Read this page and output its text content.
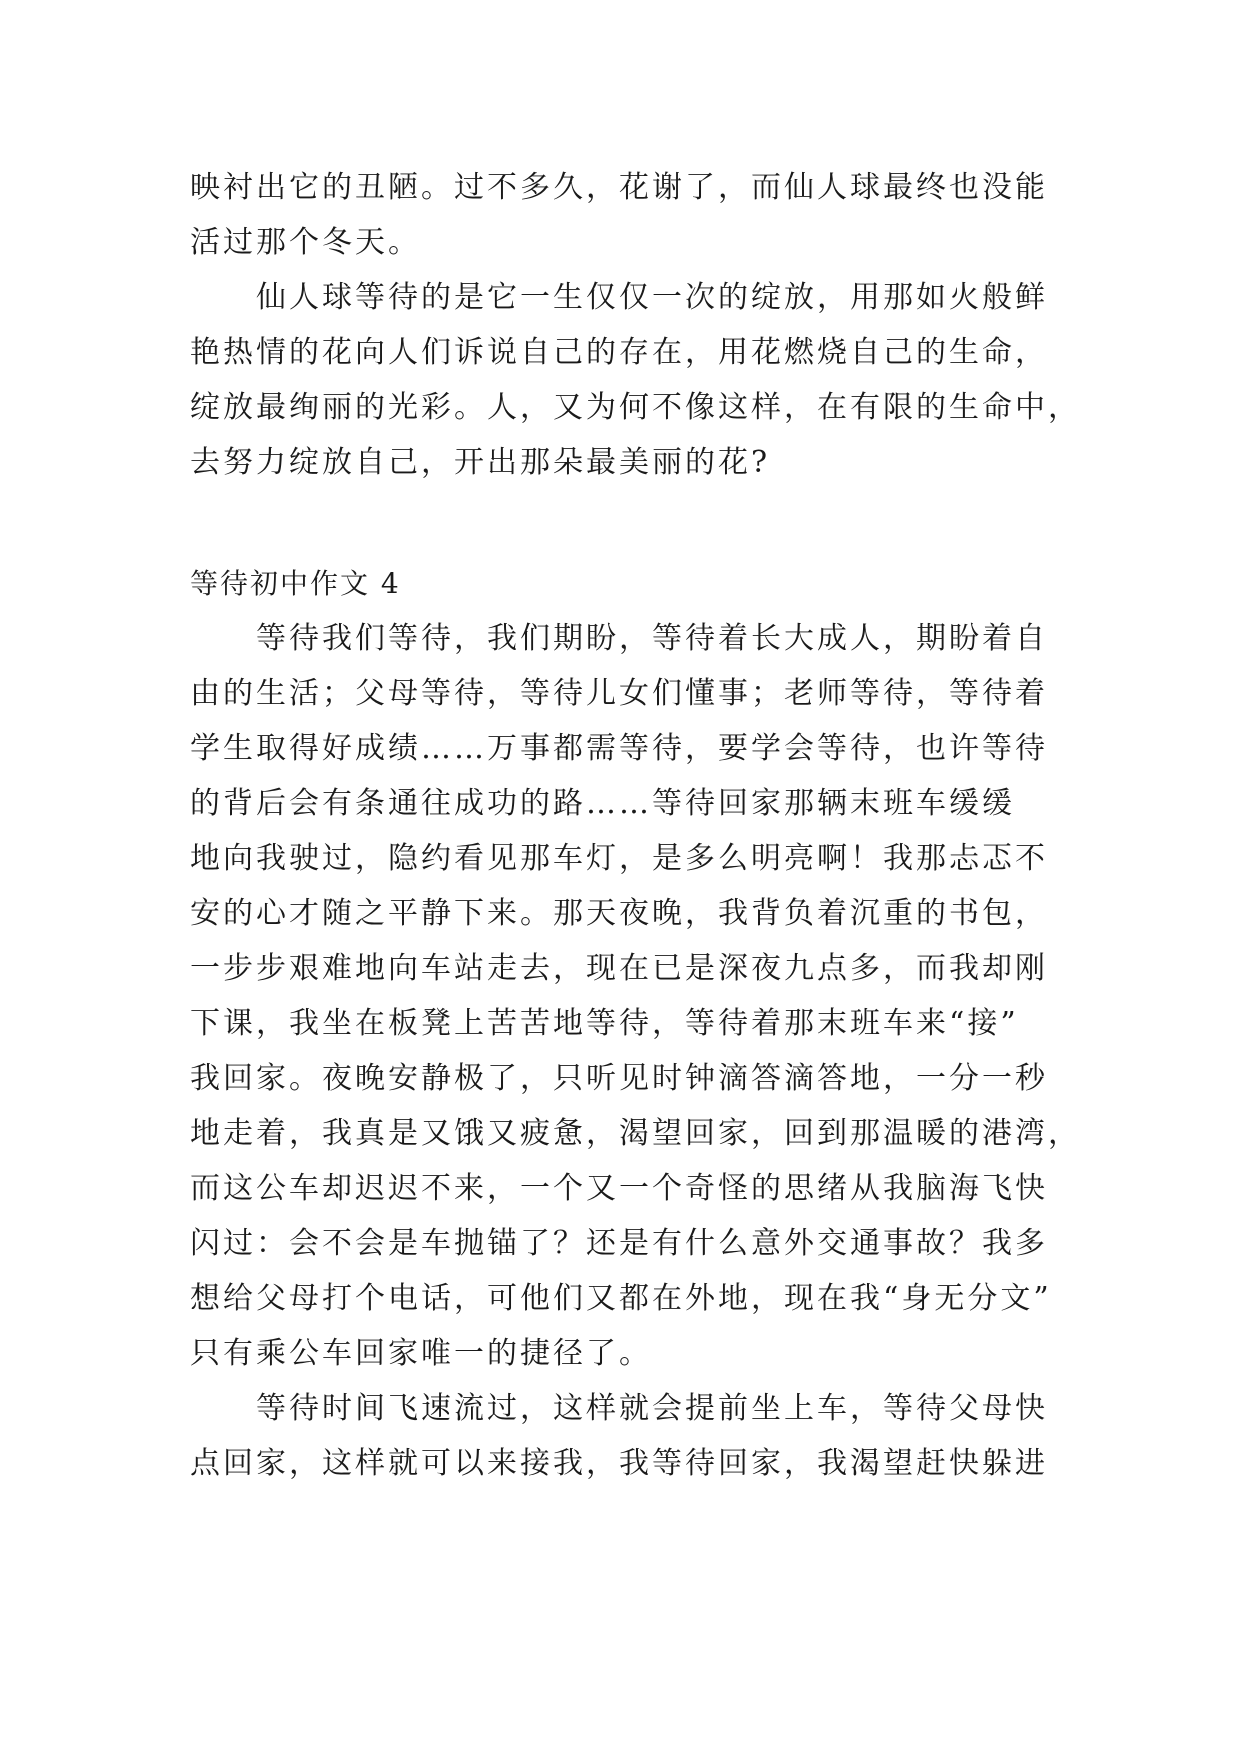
映衬出它的丑陋。过不多久，花谢了，而仙人球最终也没能
活过那个冬天。
仙人球等待的是它一生仅仅一次的绽放，用那如火般鲜
艳热情的花向人们诉说自己的存在，用花燃烧自己的生命，
绽放最绚丽的光彩。人，又为何不像这样，在有限的生命中，
去努力绽放自己，开出那朵最美丽的花?
等待初中作文 4
等待我们等待，我们期盼，等待着长大成人，期盼着自
由的生活；父母等待，等待儿女们懂事；老师等待，等待着
学生取得好成绩……万事都需等待，要学会等待，也许等待
的背后会有条通往成功的路……等待回家那辆末班车缓缓
地向我驶过，隐约看见那车灯，是多么明亮啊！我那忐忑不
安的心才随之平静下来。那天夜晚，我背负着沉重的书包，
一步步艰难地向车站走去，现在已是深夜九点多，而我却刚
下课，我坐在板凳上苦苦地等待，等待着那末班车来“接”
我回家。夜晚安静极了，只听见时钟滴答滴答地，一分一秒
地走着，我真是又饿又疲惫，渴望回家，回到那温暖的港湾，
而这公车却迟迟不来，一个又一个奇怪的思绪从我脑海飞快
闪过：会不会是车抛锚了？还是有什么意外交通事故？我多
想给父母打个电话，可他们又都在外地，现在我“身无分文”
只有乘公车回家唯一的捷径了。
等待时间飞速流过，这样就会提前坐上车，等待父母快
点回家，这样就可以来接我，我等待回家，我渴望赶快躲进
